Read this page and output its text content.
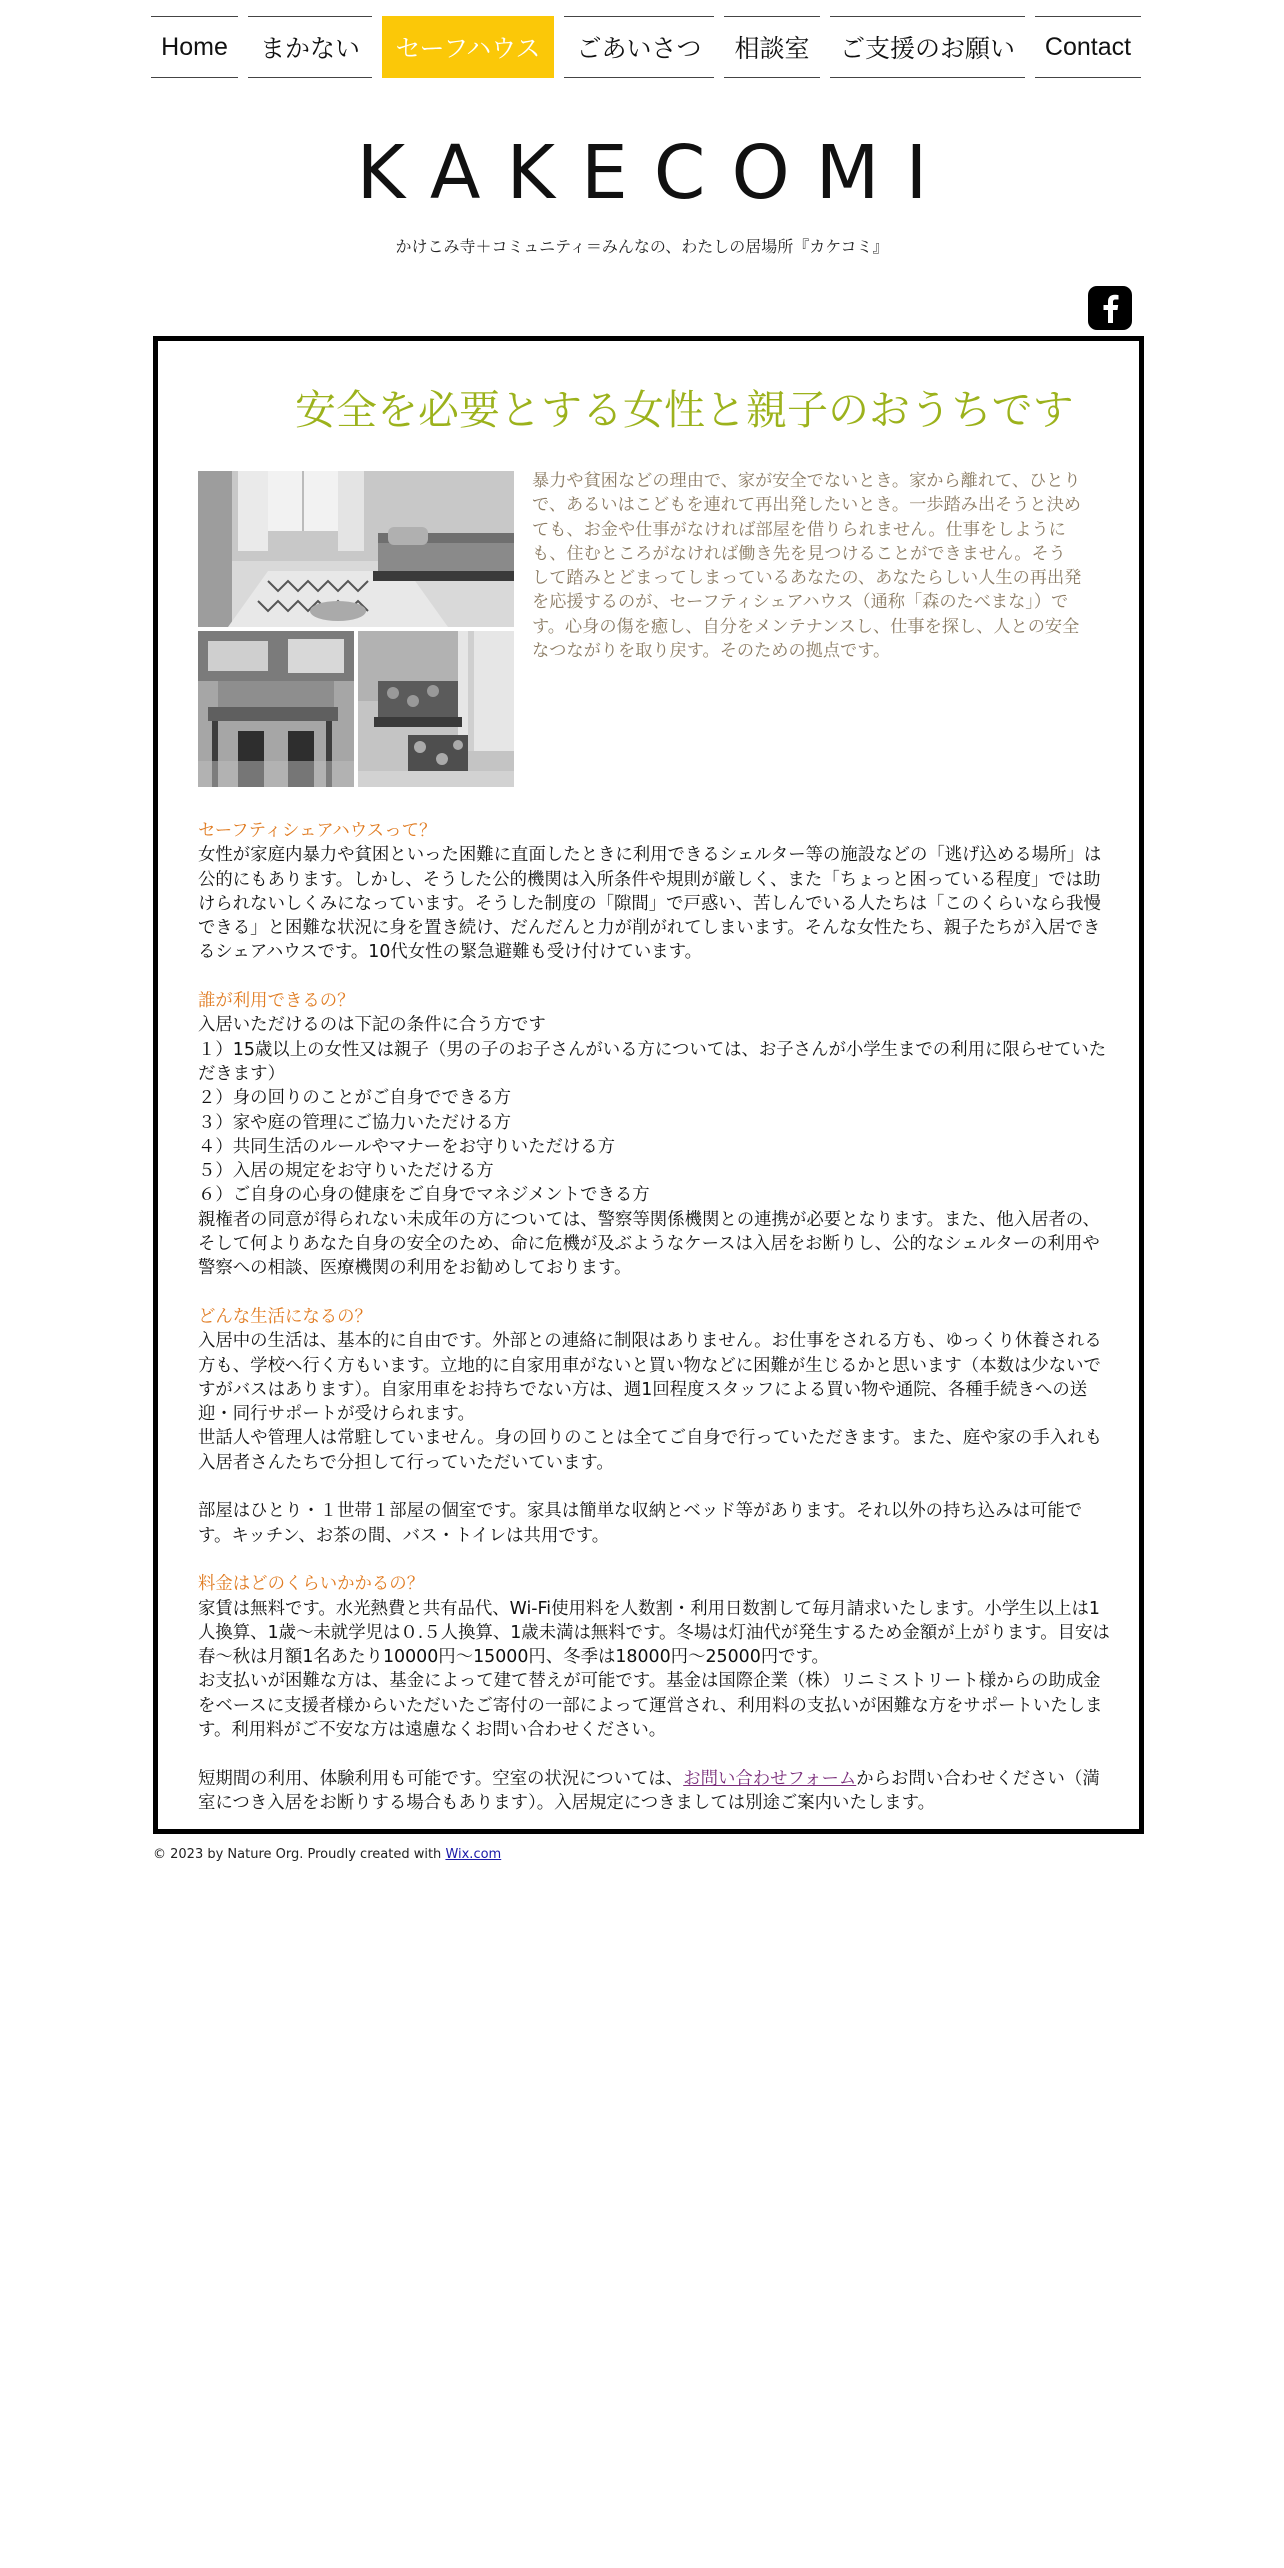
Home まかない セーフハウス ごあいさつ 相談室 ご支援のお願い Contact
KAKECOMI
かけこみ寺＋コミュニティ＝みんなの、わたしの居場所『カケコミ』
安全を必要とする女性と親子のおうちです
暴力や貧困などの理由で、家が安全でないとき。家から離れて、ひとりで、あるいはこどもを連れて再出発したいとき。一歩踏み出そうと決めても、お金や仕事がなければ部屋を借りられません。仕事をしようにも、住むところがなければ働き先を見つけることができません。そうして踏みとどまってしまっているあなたの、あなたらしい人生の再出発を応援するのが、セーフティシェアハウス（通称「森のたべまな」）です。心身の傷を癒し、自分をメンテナンスし、仕事を探し、人との安全なつながりを取り戻す。そのための拠点です。

セーフティシェアハウスって？

女性が家庭内暴力や貧困といった困難に直面したときに利用できるシェルター等の施設などの「逃げ込める場所」は公的にもあります。しかし、そうした公的機関は入所条件や規則が厳しく、また「ちょっと困っている程度」では助けられないしくみになっています。そうした制度の「隙間」で戸惑い、苦しんでいる人たちは「このくらいなら我慢できる」と困難な状況に身を置き続け、だんだんと力が削がれてしまいます。そんな女性たち、親子たちが入居できるシェアハウスです。10代女性の緊急避難も受け付けています。

誰が利用できるの？

入居いただけるのは下記の条件に合う方です

１）15歳以上の女性又は親子（男の子のお子さんがいる方については、お子さんが小学生までの利用に限らせていただきます）

２）身の回りのことがご自身でできる方

３）家や庭の管理にご協力いただける方

４）共同生活のルールやマナーをお守りいただける方

５）入居の規定をお守りいただける方

６）ご自身の心身の健康をご自身でマネジメントできる方

親権者の同意が得られない未成年の方については、警察等関係機関との連携が必要となります。また、他入居者の、そして何よりあなた自身の安全のため、命に危機が及ぶようなケースは入居をお断りし、公的なシェルターの利用や警察への相談、医療機関の利用をお勧めしております。

どんな生活になるの？

入居中の生活は、基本的に自由です。外部との連絡に制限はありません。お仕事をされる方も、ゆっくり休養される方も、学校へ行く方もいます。立地的に自家用車がないと買い物などに困難が生じるかと思います（本数は少ないですがバスはあります）。自家用車をお持ちでない方は、週1回程度スタッフによる買い物や通院、各種手続きへの送迎・同行サポートが受けられます。

世話人や管理人は常駐していません。身の回りのことは全てご自身で行っていただきます。また、庭や家の手入れも入居者さんたちで分担して行っていただいています。

部屋はひとり・１世帯１部屋の個室です。家具は簡単な収納とベッド等があります。それ以外の持ち込みは可能です。キッチン、お茶の間、バス・トイレは共用です。

料金はどのくらいかかるの？

家賃は無料です。水光熱費と共有品代、Wi-Fi使用料を人数割・利用日数割して毎月請求いたします。小学生以上は1人換算、1歳〜未就学児は０.５人換算、1歳未満は無料です。冬場は灯油代が発生するため金額が上がります。目安は春〜秋は月額1名あたり10000円〜15000円、冬季は18000円〜25000円です。

お支払いが困難な方は、基金によって建て替えが可能です。基金は国際企業（株）リニミストリート様からの助成金をベースに支援者様からいただいたご寄付の一部によって運営され、利用料の支払いが困難な方をサポートいたします。利用料がご不安な方は遠慮なくお問い合わせください。

短期間の利用、体験利用も可能です。空室の状況については、お問い合わせフォームからお問い合わせください（満室につき入居をお断りする場合もあります）。入居規定につきましては別途ご案内いたします。

© 2023 by Nature Org. Proudly created with Wix.com
